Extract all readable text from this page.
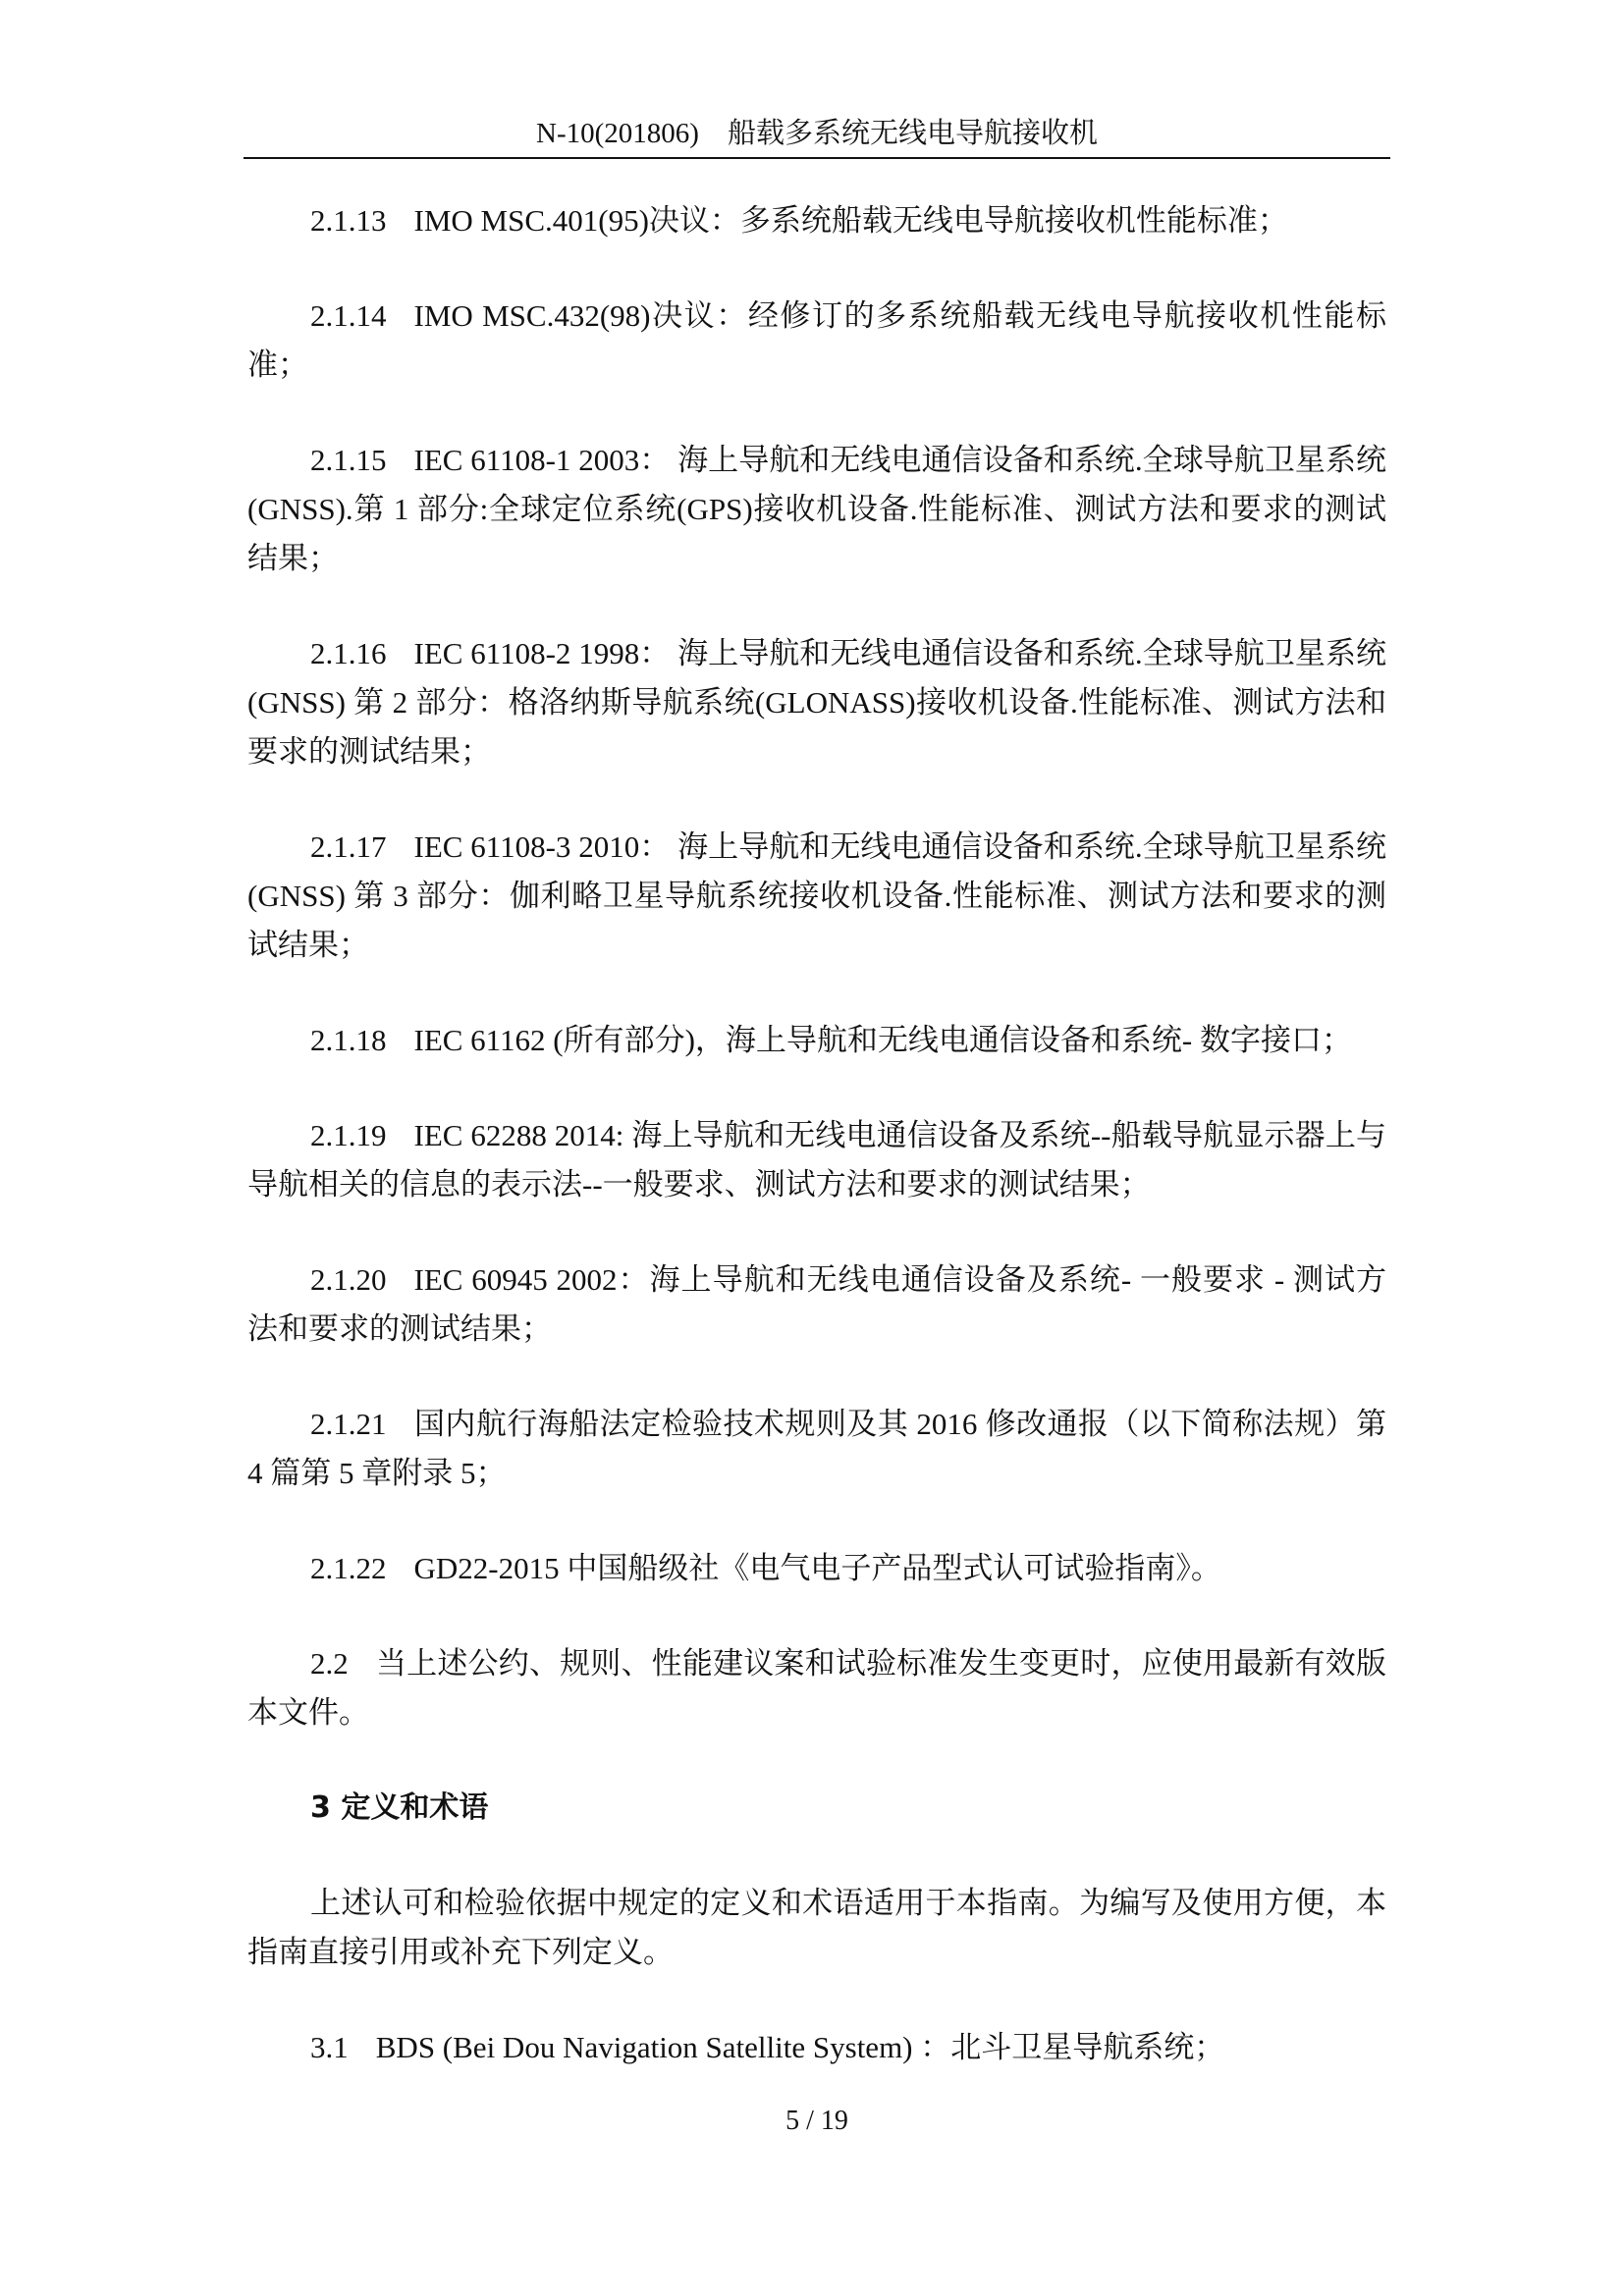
N-10(201806)　船载多系统无线电导航接收机

2.1.13 IMO MSC.401(95)决议：多系统船载无线电导航接收机性能标准；

2.1.14 IMO MSC.432(98)决议：经修订的多系统船载无线电导航接收机性能标准；

2.1.15 IEC 61108-1 2003： 海上导航和无线电通信设备和系统.全球导航卫星系统(GNSS).第 1 部分:全球定位系统(GPS)接收机设备.性能标准、测试方法和要求的测试结果；

2.1.16 IEC 61108-2 1998： 海上导航和无线电通信设备和系统.全球导航卫星系统(GNSS) 第 2 部分：格洛纳斯导航系统(GLONASS)接收机设备.性能标准、测试方法和要求的测试结果；

2.1.17 IEC 61108-3 2010： 海上导航和无线电通信设备和系统.全球导航卫星系统(GNSS) 第 3 部分：伽利略卫星导航系统接收机设备.性能标准、测试方法和要求的测试结果；

2.1.18 IEC 61162 (所有部分)，海上导航和无线电通信设备和系统- 数字接口；

2.1.19 IEC 62288 2014: 海上导航和无线电通信设备及系统--船载导航显示器上与导航相关的信息的表示法--一般要求、测试方法和要求的测试结果；

2.1.20 IEC 60945 2002：海上导航和无线电通信设备及系统- 一般要求 - 测试方法和要求的测试结果；

2.1.21 国内航行海船法定检验技术规则及其 2016 修改通报（以下简称法规）第 4 篇第 5 章附录 5；

2.1.22 GD22-2015 中国船级社《电气电子产品型式认可试验指南》。

2.2 当上述公约、规则、性能建议案和试验标准发生变更时，应使用最新有效版本文件。

3 定义和术语

上述认可和检验依据中规定的定义和术语适用于本指南。为编写及使用方便，本指南直接引用或补充下列定义。

3.1 BDS (Bei Dou Navigation Satellite System) ：北斗卫星导航系统；

5 / 19
